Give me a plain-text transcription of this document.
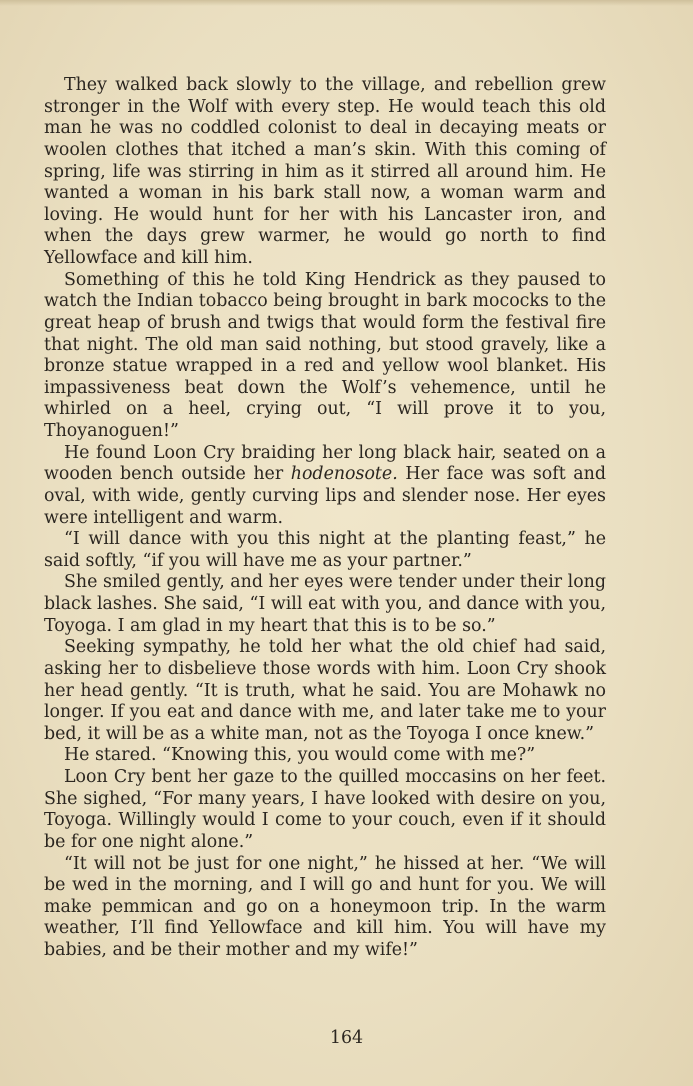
They walked back slowly to the village, and rebellion grew stronger in the Wolf with every step. He would teach this old man he was no coddled colonist to deal in decaying meats or woolen clothes that itched a man’s skin. With this coming of spring, life was stirring in him as it stirred all around him. He wanted a woman in his bark stall now, a woman warm and loving. He would hunt for her with his Lancaster iron, and when the days grew warmer, he would go north to find Yellowface and kill him.

Something of this he told King Hendrick as they paused to watch the Indian tobacco being brought in bark mococks to the great heap of brush and twigs that would form the festival fire that night. The old man said nothing, but stood gravely, like a bronze statue wrapped in a red and yellow wool blanket. His impassiveness beat down the Wolf’s vehemence, until he whirled on a heel, crying out, “I will prove it to you, Thoyanoguen!”

He found Loon Cry braiding her long black hair, seated on a wooden bench outside her hodenosote. Her face was soft and oval, with wide, gently curving lips and slender nose. Her eyes were intelligent and warm.

“I will dance with you this night at the planting feast,” he said softly, “if you will have me as your partner.”

She smiled gently, and her eyes were tender under their long black lashes. She said, “I will eat with you, and dance with you, Toyoga. I am glad in my heart that this is to be so.”

Seeking sympathy, he told her what the old chief had said, asking her to disbelieve those words with him. Loon Cry shook her head gently. “It is truth, what he said. You are Mohawk no longer. If you eat and dance with me, and later take me to your bed, it will be as a white man, not as the Toyoga I once knew.”

He stared. “Knowing this, you would come with me?”

Loon Cry bent her gaze to the quilled moccasins on her feet. She sighed, “For many years, I have looked with desire on you, Toyoga. Willingly would I come to your couch, even if it should be for one night alone.”

“It will not be just for one night,” he hissed at her. “We will be wed in the morning, and I will go and hunt for you. We will make pemmican and go on a honeymoon trip. In the warm weather, I’ll find Yellowface and kill him. You will have my babies, and be their mother and my wife!”

164
